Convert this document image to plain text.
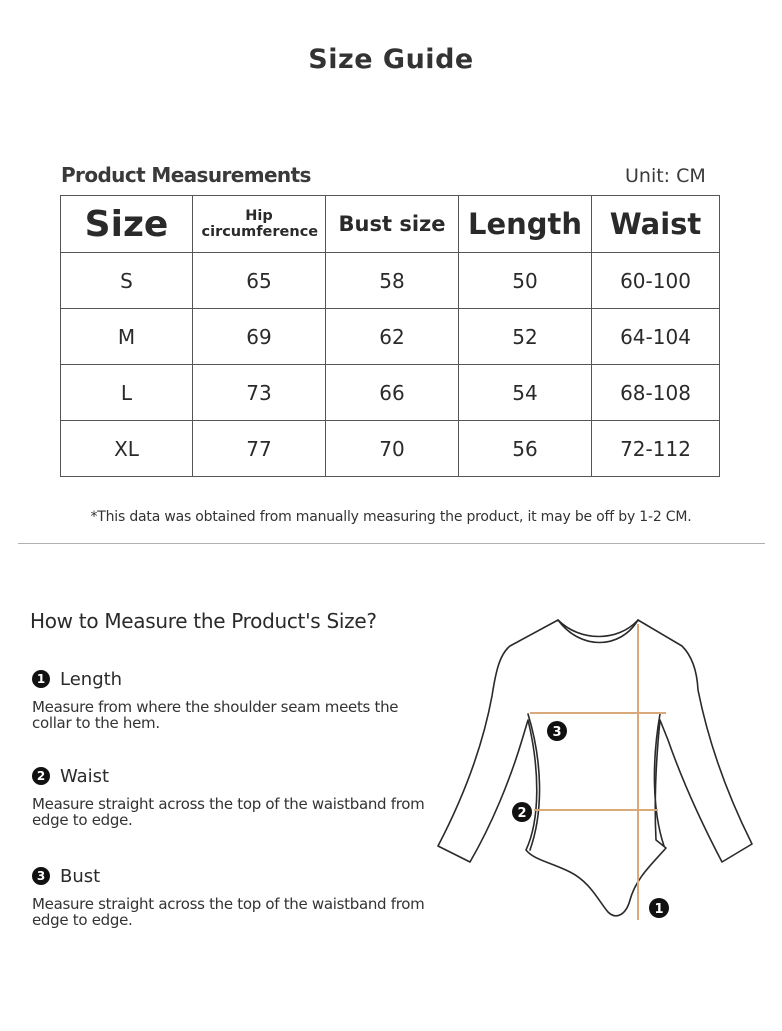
Size Guide
Product Measurements	Unit: CM
Size	Hip circumference	Bust size	Length	Waist
S	65	58	50	60-100
M	69	62	52	64-104
L	73	66	54	68-108
XL	77	70	56	72-112
*This data was obtained from manually measuring the product, it may be off by 1-2 CM.
How to Measure the Product's Size?
1 Length
Measure from where the shoulder seam meets the collar to the hem.
2 Waist
Measure straight across the top of the waistband from edge to edge.
3 Bust
Measure straight across the top of the waistband from edge to edge.
3
2
1
